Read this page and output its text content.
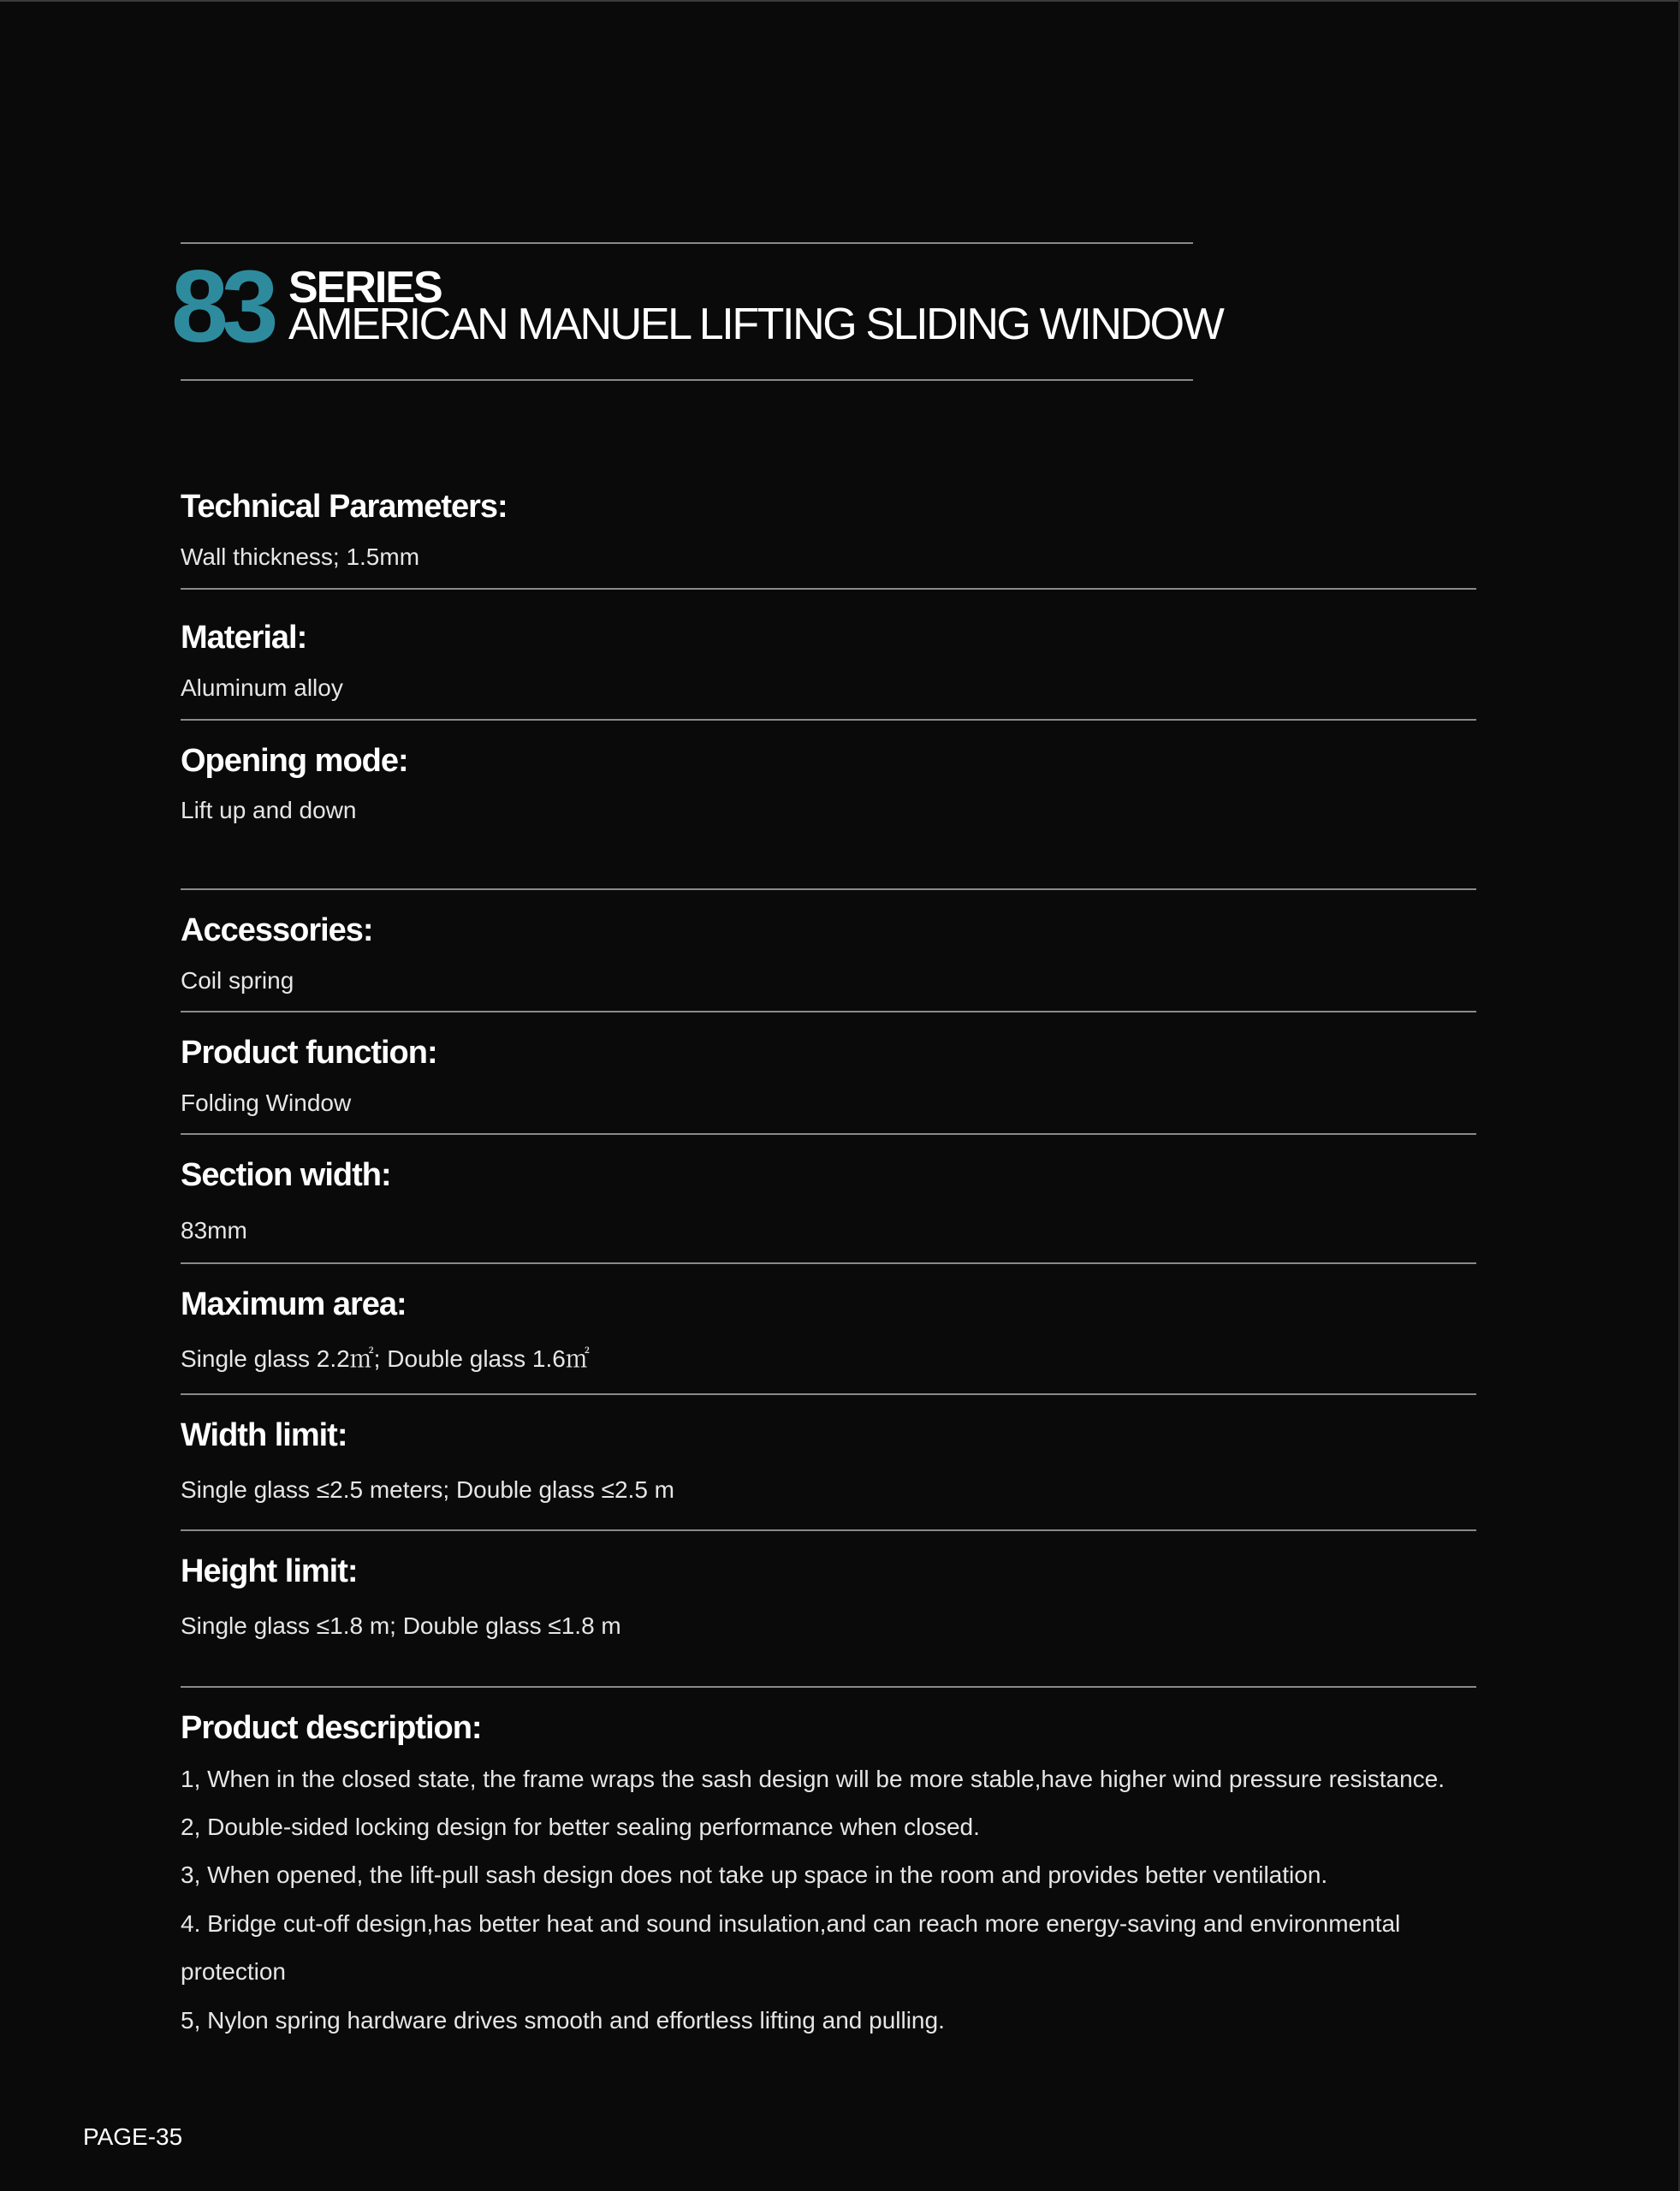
83 SERIES
AMERICAN MANUEL LIFTING SLIDING WINDOW
Technical Parameters:
Wall thickness; 1.5mm
Material:
Aluminum alloy
Opening mode:
Lift up and down
Accessories:
Coil spring
Product function:
Folding Window
Section width:
83mm
Maximum area:
Single glass 2.2㎡; Double glass 1.6㎡
Width limit:
Single glass ≤2.5 meters; Double glass ≤2.5 m
Height limit:
Single glass ≤1.8 m; Double glass ≤1.8 m
Product description:
1, When in the closed state, the frame wraps the sash design will be more stable,have higher wind pressure resistance.
2, Double-sided locking design for better sealing performance when closed.
3, When opened, the lift-pull sash design does not take up space in the room and provides better ventilation.
4. Bridge cut-off design,has better heat and sound insulation,and can reach more energy-saving and environmental
protection
5, Nylon spring hardware drives smooth and effortless lifting and pulling.
PAGE-35
